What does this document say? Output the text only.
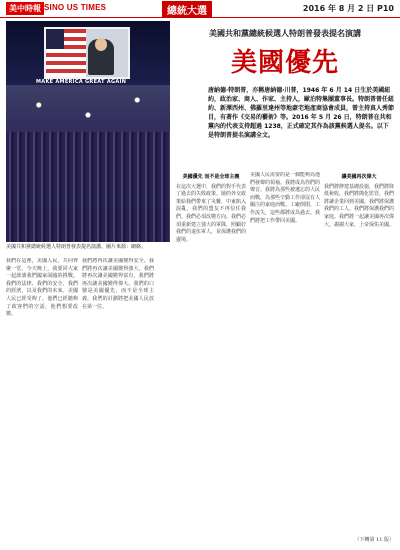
美中時報 SINO US TIMES	總統大選	2016 年 8 月 2 日 P10
MAKE AMERICA GREAT AGAIN
美國共和黨總統候選人特朗普發表提名演講。圖片來源：網絡。
美國共和黨總統候選人特朗普發表提名演講
美國優先
唐納德·特朗普，亦稱唐納德·川普，1946 年 6 月 14 日生於美國紐約，政治家、商人、作家、主持人，歐泊特集團董事長。特朗普曾任紐約、新澤西州、佛羅里達州等地豪宅地產商協會成員，曾主持真人秀節目，有著作《交易的藝術》等。2016 年 5 月 26 日，特朗普在共和黨內的代表支持超過 1238，正式確定其作為該黨候選人提名。以下是特朗普提名演講全文。
我們在這裡，美國人民，共同齊聚一堂。今天晚上，我要同大家一起談談我們國家面臨的挑戰。我們的法律、我們的安全、我們的經濟，以及我們的未來。美國人民已經受夠了，他們已經聽夠了政客們的空話，他們想要改變。
我們將再次讓美國變得安全，我們將再次讓美國變得強大，我們將再次讓美國變得富有，我們將再次讓美國變得偉大。我們的口號是美國優先，而不是全球主義。我們的計劃將把美國人民放在第一位。
美國優先 而不是全球主義
在這次大選中，我們的對手代表了過去的失敗政策。她的外交政策給我們帶來了災難，中東陷入混亂，我們的盟友不再信任我們。我們必須改變方向。我們必須重新建立強大的軍隊，照顧好我們的退伍軍人，並保護我們的邊境。
美國人民需要的是一個能夠為他們發聲的領袖。我將成為你們的聲音。我將為那些被遺忘的人民而戰，為那些辛勤工作卻沒有人關注的家庭而戰。工廠倒閉，工作流失，這些都將成為過去。我們將把工作帶回美國。
讓美國再次偉大
我們將修建基礎設施，我們將降低稅收，我們將簡化監管，我們將讓企業回到美國。我們將保護我們的工人。我們將保護我們的家庭。我們將一起讓美國再次偉大。謝謝大家，上帝保佑美國。
（下轉第 11 版）
